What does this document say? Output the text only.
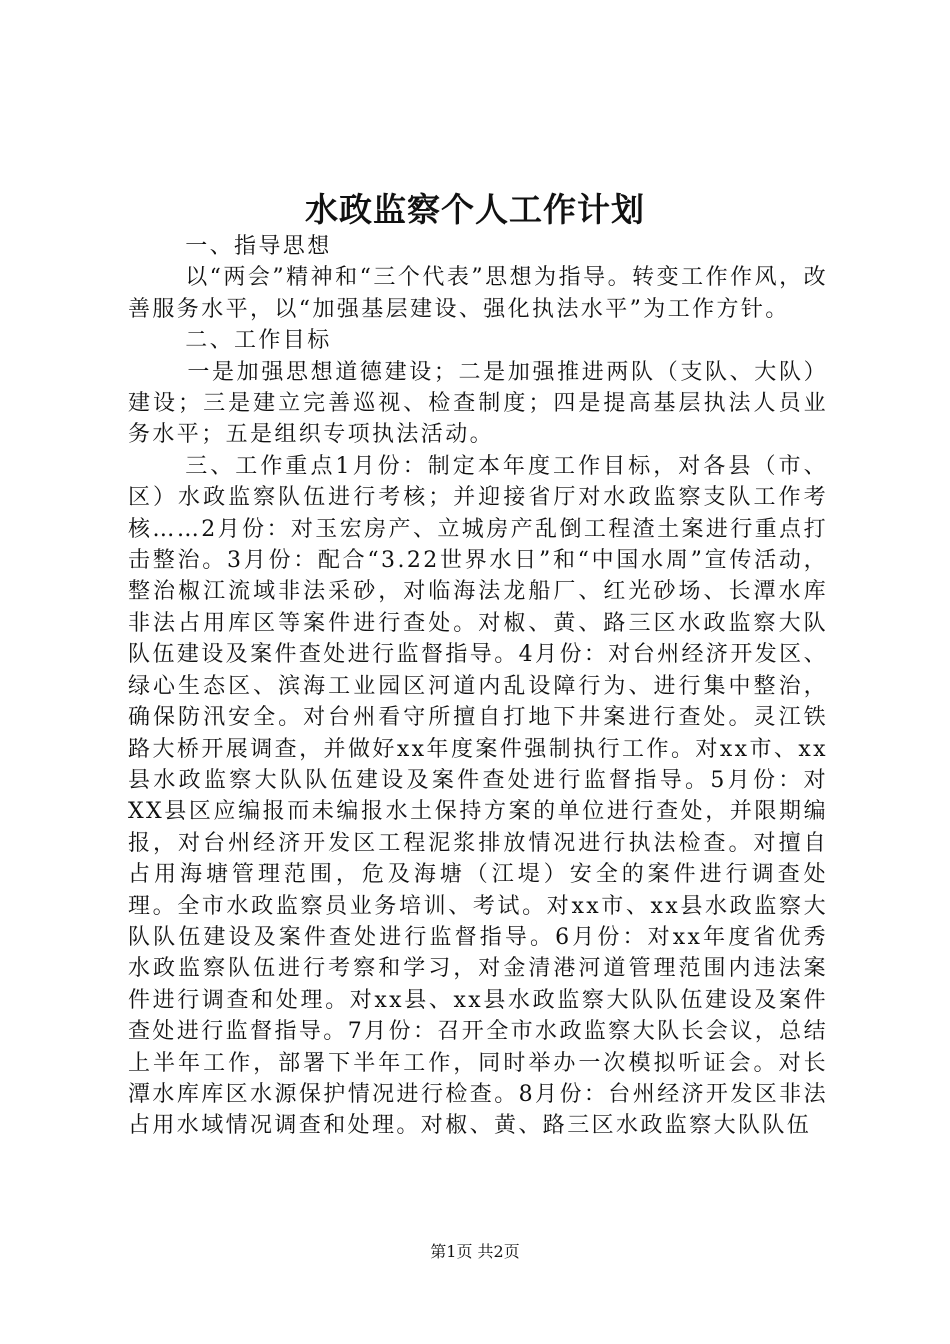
水政监察个人工作计划

一、指导思想

以“两会”精神和“三个代表”思想为指导。转变工作作风，改善服务水平，以“加强基层建设、强化执法水平”为工作方针。

二、工作目标

一是加强思想道德建设；二是加强推进两队（支队、大队）建设；三是建立完善巡视、检查制度；四是提高基层执法人员业务水平；五是组织专项执法活动。

三、工作重点1月份：制定本年度工作目标，对各县（市、区）水政监察队伍进行考核；并迎接省厅对水政监察支队工作考核……2月份：对玉宏房产、立城房产乱倒工程渣土案进行重点打击整治。3月份：配合“3.22世界水日”和“中国水周”宣传活动，整治椒江流域非法采砂，对临海法龙船厂、红光砂场、长潭水库非法占用库区等案件进行查处。对椒、黄、路三区水政监察大队队伍建设及案件查处进行监督指导。4月份：对台州经济开发区、绿心生态区、滨海工业园区河道内乱设障行为、进行集中整治，确保防汛安全。对台州看守所擅自打地下井案进行查处。灵江铁路大桥开展调查，并做好xx年度案件强制执行工作。对xx市、xx县水政监察大队队伍建设及案件查处进行监督指导。5月份：对XX县区应编报而未编报水土保持方案的单位进行查处，并限期编报，对台州经济开发区工程泥浆排放情况进行执法检查。对擅自占用海塘管理范围，危及海塘（江堤）安全的案件进行调查处理。全市水政监察员业务培训、考试。对xx市、xx县水政监察大队队伍建设及案件查处进行监督指导。6月份：对xx年度省优秀水政监察队伍进行考察和学习，对金清港河道管理范围内违法案件进行调查和处理。对xx县、xx县水政监察大队队伍建设及案件查处进行监督指导。7月份：召开全市水政监察大队长会议，总结上半年工作，部署下半年工作，同时举办一次模拟听证会。对长潭水库库区水源保护情况进行检查。8月份：台州经济开发区非法占用水域情况调查和处理。对椒、黄、路三区水政监察大队队伍

第1页 共2页
